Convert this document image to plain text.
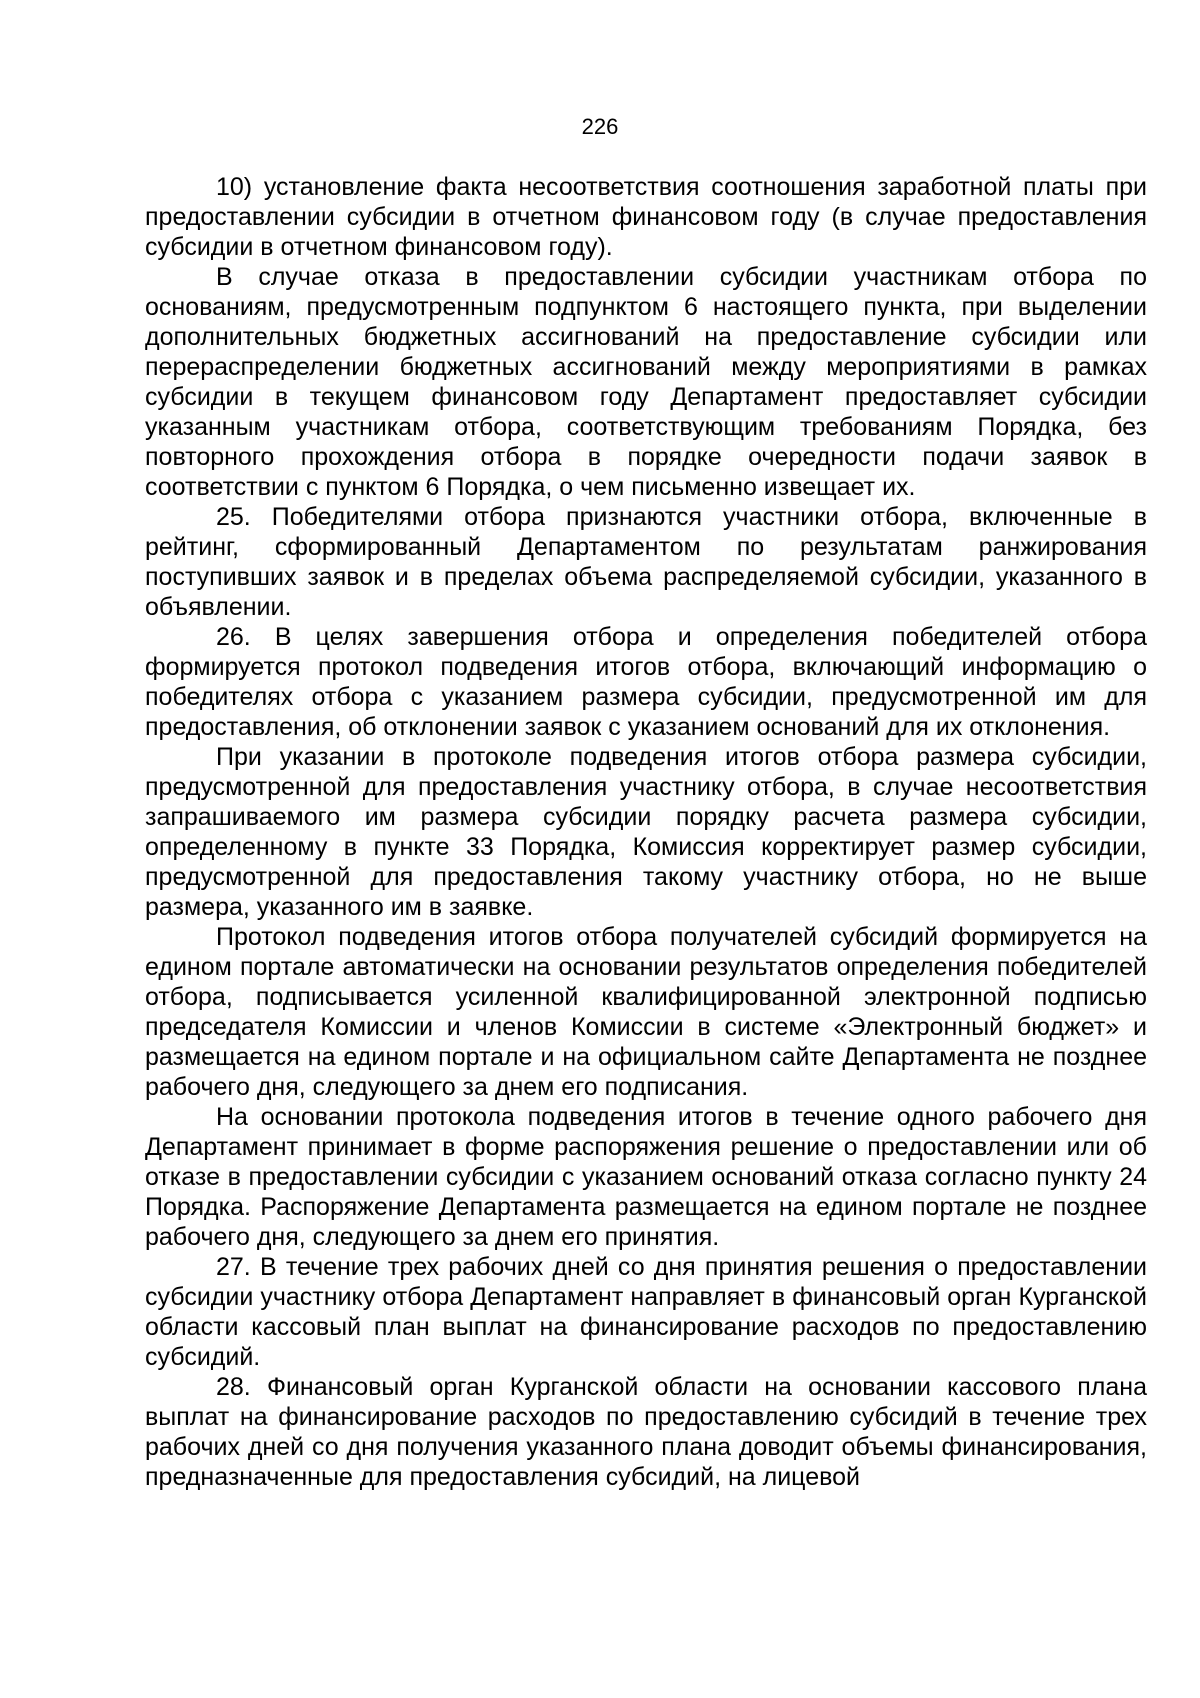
226

10) установление факта несоответствия соотношения заработной платы при предоставлении субсидии в отчетном финансовом году (в случае предоставления субсидии в отчетном финансовом году).

В случае отказа в предоставлении субсидии участникам отбора по основаниям, предусмотренным подпунктом 6 настоящего пункта, при выделении дополнительных бюджетных ассигнований на предоставление субсидии или перераспределении бюджетных ассигнований между мероприятиями в рамках субсидии в текущем финансовом году Департамент предоставляет субсидии указанным участникам отбора, соответствующим требованиям Порядка, без повторного прохождения отбора в порядке очередности подачи заявок в соответствии с пунктом 6 Порядка, о чем письменно извещает их.

25. Победителями отбора признаются участники отбора, включенные в рейтинг, сформированный Департаментом по результатам ранжирования поступивших заявок и в пределах объема распределяемой субсидии, указанного в объявлении.

26. В целях завершения отбора и определения победителей отбора формируется протокол подведения итогов отбора, включающий информацию о победителях отбора с указанием размера субсидии, предусмотренной им для предоставления, об отклонении заявок с указанием оснований для их отклонения.

При указании в протоколе подведения итогов отбора размера субсидии, предусмотренной для предоставления участнику отбора, в случае несоответствия запрашиваемого им размера субсидии порядку расчета размера субсидии, определенному в пункте 33 Порядка, Комиссия корректирует размер субсидии, предусмотренной для предоставления такому участнику отбора, но не выше размера, указанного им в заявке.

Протокол подведения итогов отбора получателей субсидий формируется на едином портале автоматически на основании результатов определения победителей отбора, подписывается усиленной квалифицированной электронной подписью председателя Комиссии и членов Комиссии в системе «Электронный бюджет» и размещается на едином портале и на официальном сайте Департамента не позднее рабочего дня, следующего за днем его подписания.

На основании протокола подведения итогов в течение одного рабочего дня Департамент принимает в форме распоряжения решение о предоставлении или об отказе в предоставлении субсидии с указанием оснований отказа согласно пункту 24 Порядка. Распоряжение Департамента размещается на едином портале не позднее рабочего дня, следующего за днем его принятия.

27. В течение трех рабочих дней со дня принятия решения о предоставлении субсидии участнику отбора Департамент направляет в финансовый орган Курганской области кассовый план выплат на финансирование расходов по предоставлению субсидий.

28. Финансовый орган Курганской области на основании кассового плана выплат на финансирование расходов по предоставлению субсидий в течение трех рабочих дней со дня получения указанного плана доводит объемы финансирования, предназначенные для предоставления субсидий, на лицевой
